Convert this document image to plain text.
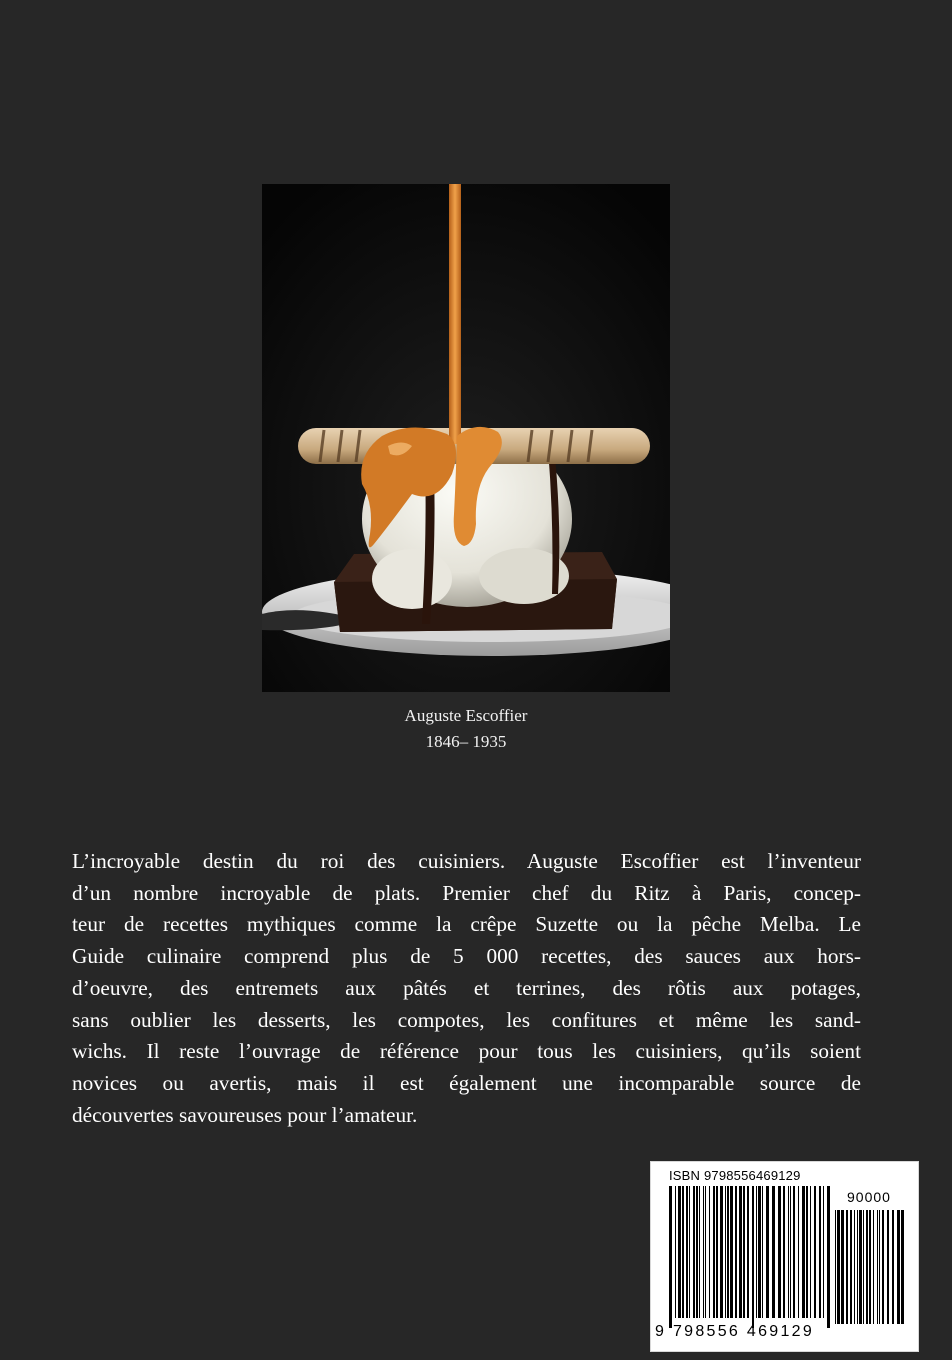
Auguste Escoffier
1846– 1935
L’incroyable destin du roi des cuisiniers. Auguste Escoffier est l’inventeur
d’un nombre incroyable de plats. Premier chef du Ritz à Paris, concep-
teur de recettes mythiques comme la crêpe Suzette ou la pêche Melba. Le
Guide culinaire comprend plus de 5 000 recettes, des sauces aux hors-
d’oeuvre, des entremets aux pâtés et terrines, des rôtis aux potages,
sans oublier les desserts, les compotes, les confitures et même les sand-
wichs. Il reste l’ouvrage de référence pour tous les cuisiniers, qu’ils soient
novices ou avertis, mais il est également une incomparable source de
découvertes savoureuses pour l’amateur.
ISBN 9798556469129
90000
9 798556 469129
